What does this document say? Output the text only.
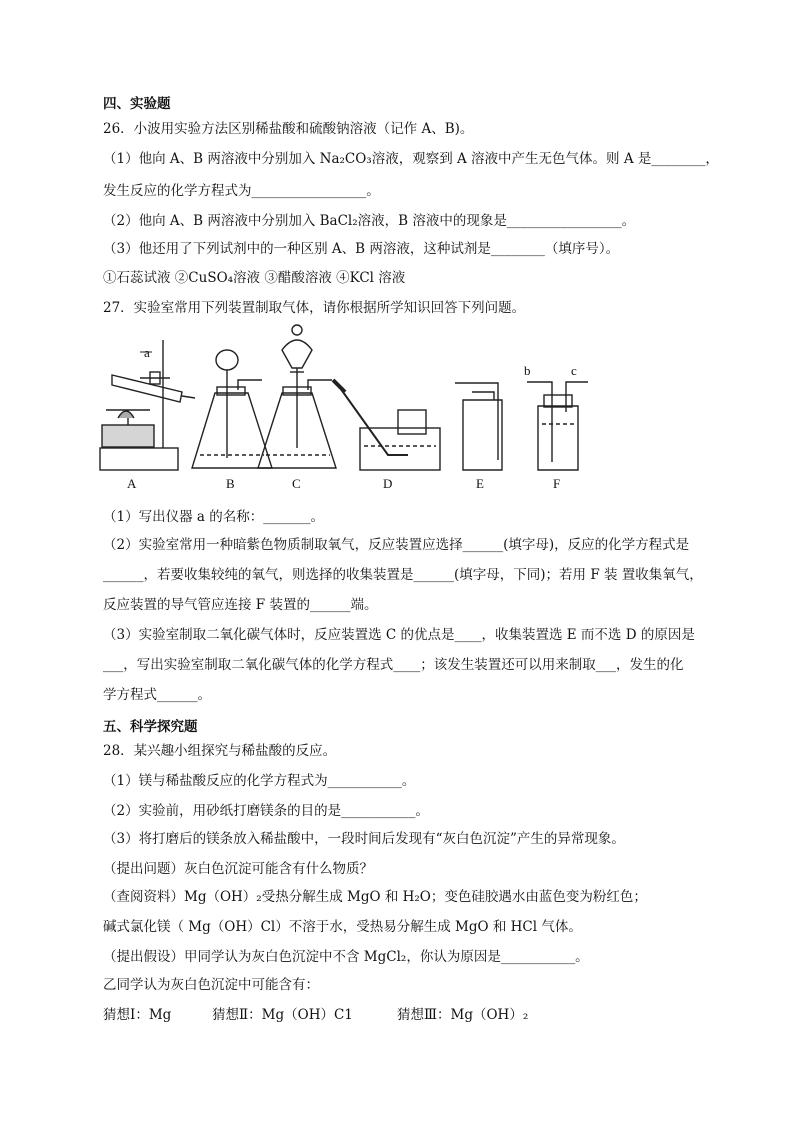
四、实验题

26．小波用实验方法区别稀盐酸和硫酸钠溶液（记作 A、B)。

（1）他向 A、B 两溶液中分别加入 Na₂CO₃溶液，观察到 A 溶液中产生无色气体。则 A 是________，

发生反应的化学方程式为_________________。

（2）他向 A、B 两溶液中分别加入 BaCl₂溶液，B 溶液中的现象是_________________。

（3）他还用了下列试剂中的一种区别 A、B 两溶液，这种试剂是________（填序号）。

①石蕊试液 ②CuSO₄溶液 ③醋酸溶液 ④KCl 溶液

27．实验室常用下列装置制取气体，请你根据所学知识回答下列问题。

a
b	c
A	B	C	D	E	F

（1）写出仪器 a 的名称：_______。

（2）实验室常用一种暗紫色物质制取氧气，反应装置应选择______(填字母)，反应的化学方程式是

______，若要收集较纯的氧气，则选择的收集装置是______(填字母，下同)；若用 F 装 置收集氧气，

反应装置的导气管应连接 F 装置的______端。

（3）实验室制取二氧化碳气体时，反应装置选 C 的优点是____，收集装置选 E 而不选 D 的原因是

___，写出实验室制取二氧化碳气体的化学方程式____；该发生装置还可以用来制取___，发生的化

学方程式______。

五、科学探究题

28．某兴趣小组探究与稀盐酸的反应。

（1）镁与稀盐酸反应的化学方程式为___________。

（2）实验前，用砂纸打磨镁条的目的是___________。

（3）将打磨后的镁条放入稀盐酸中，一段时间后发现有“灰白色沉淀”产生的异常现象。

（提出问题）灰白色沉淀可能含有什么物质？

（查阅资料）Mg（OH）₂受热分解生成 MgO 和 H₂O；变色硅胶遇水由蓝色变为粉红色；

碱式氯化镁（ Mg（OH）Cl）不溶于水，受热易分解生成 MgO 和 HCl 气体。

（提出假设）甲同学认为灰白色沉淀中不含 MgCl₂，你认为原因是___________。

乙同学认为灰白色沉淀中可能含有：

猜想Ⅰ：Mg	猜想Ⅱ：Mg（OH）C1	猜想Ⅲ：Mg（OH）₂
